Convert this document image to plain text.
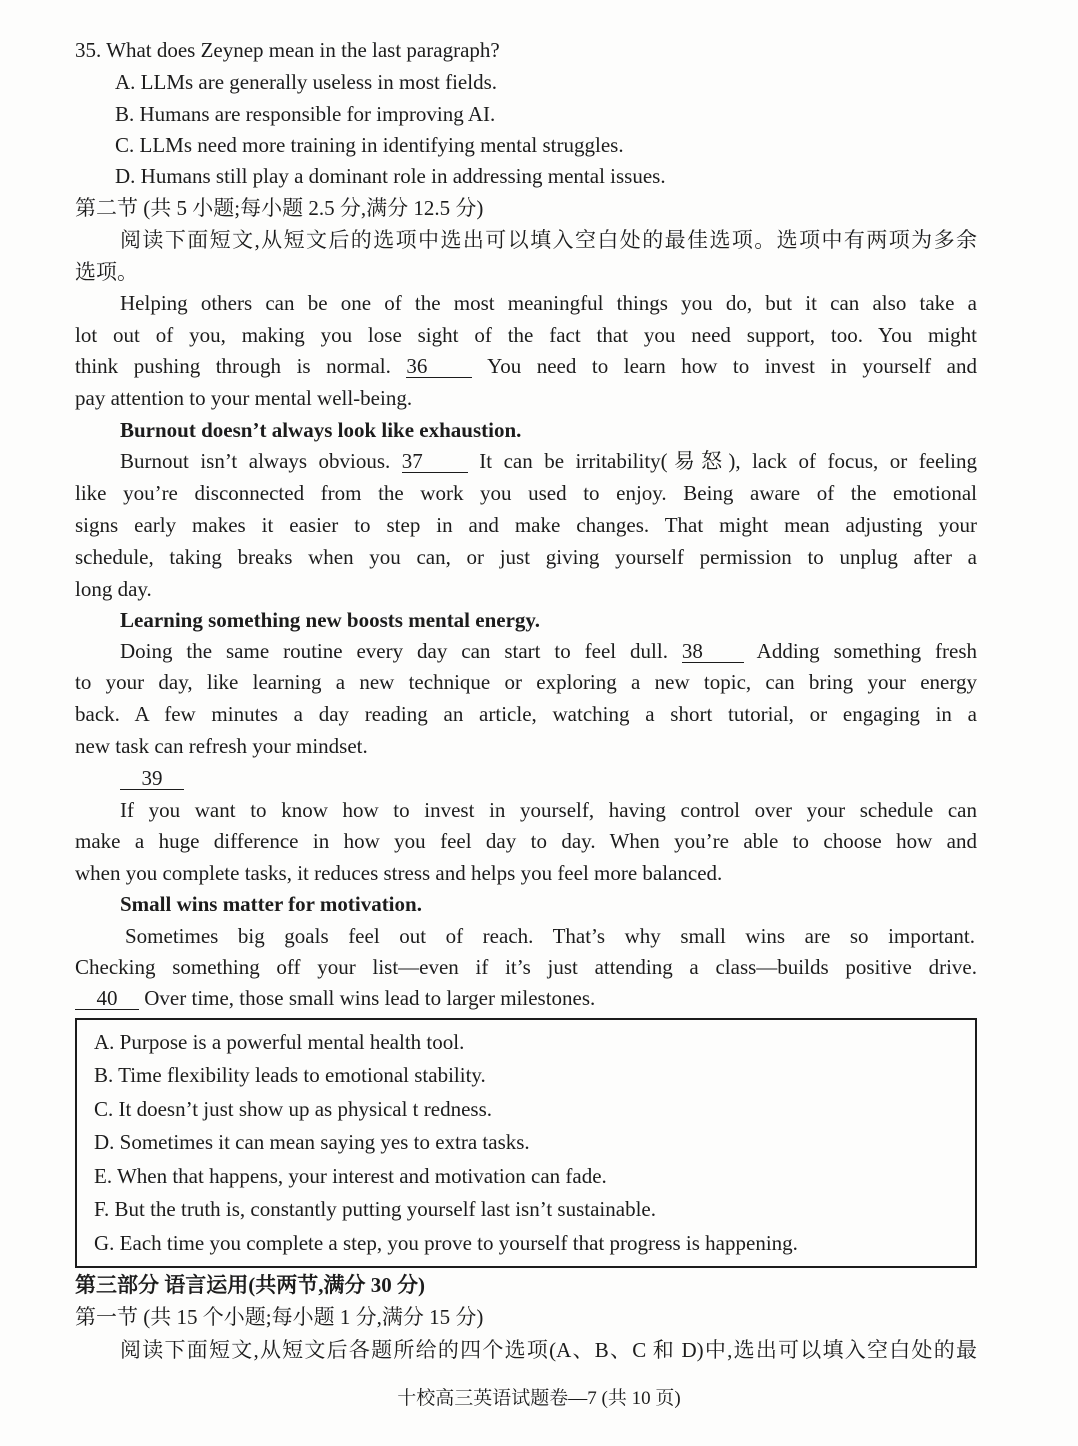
35. What does Zeynep mean in the last paragraph?
A. LLMs are generally useless in most fields.
B. Humans are responsible for improving AI.
C. LLMs need more training in identifying mental struggles.
D. Humans still play a dominant role in addressing mental issues.
第二节 (共 5 小题;每小题 2.5 分,满分 12.5 分)
阅读下面短文,从短文后的选项中选出可以填入空白处的最佳选项。选项中有两项为多余
选项。
Helping others can be one of the most meaningful things you do, but it can also take a
lot out of you, making you lose sight of the fact that you need support, too. You might
think pushing through is normal. 36	You need to learn how to invest in yourself and
pay attention to your mental well-being.
Burnout doesn’t always look like exhaustion.
Burnout isn’t always obvious. 37	It can be irritability(易怒), lack of focus, or feeling
like you’re disconnected from the work you used to enjoy. Being aware of the emotional
signs early makes it easier to step in and make changes. That might mean adjusting your
schedule, taking breaks when you can, or just giving yourself permission to unplug after a
long day.
Learning something new boosts mental energy.
Doing the same routine every day can start to feel dull. 38	Adding something fresh
to your day, like learning a new technique or exploring a new topic, can bring your energy
back. A few minutes a day reading an article, watching a short tutorial, or engaging in a
new task can refresh your mindset.
39
If you want to know how to invest in yourself, having control over your schedule can
make a huge difference in how you feel day to day. When you’re able to choose how and
when you complete tasks, it reduces stress and helps you feel more balanced.
Small wins matter for motivation.
Sometimes big goals feel out of reach. That’s why small wins are so important.
Checking something off your list—even if it’s just attending a class—builds positive drive.
40 Over time, those small wins lead to larger milestones.
A. Purpose is a powerful mental health tool.
B. Time flexibility leads to emotional stability.
C. It doesn’t just show up as physical t redness.
D. Sometimes it can mean saying yes to extra tasks.
E. When that happens, your interest and motivation can fade.
F. But the truth is, constantly putting yourself last isn’t sustainable.
G. Each time you complete a step, you prove to yourself that progress is happening.
第三部分 语言运用(共两节,满分 30 分)
第一节 (共 15 个小题;每小题 1 分,满分 15 分)
阅读下面短文,从短文后各题所给的四个选项(A、B、C 和 D)中,选出可以填入空白处的最
十校高三英语试题卷—7 (共 10 页)
